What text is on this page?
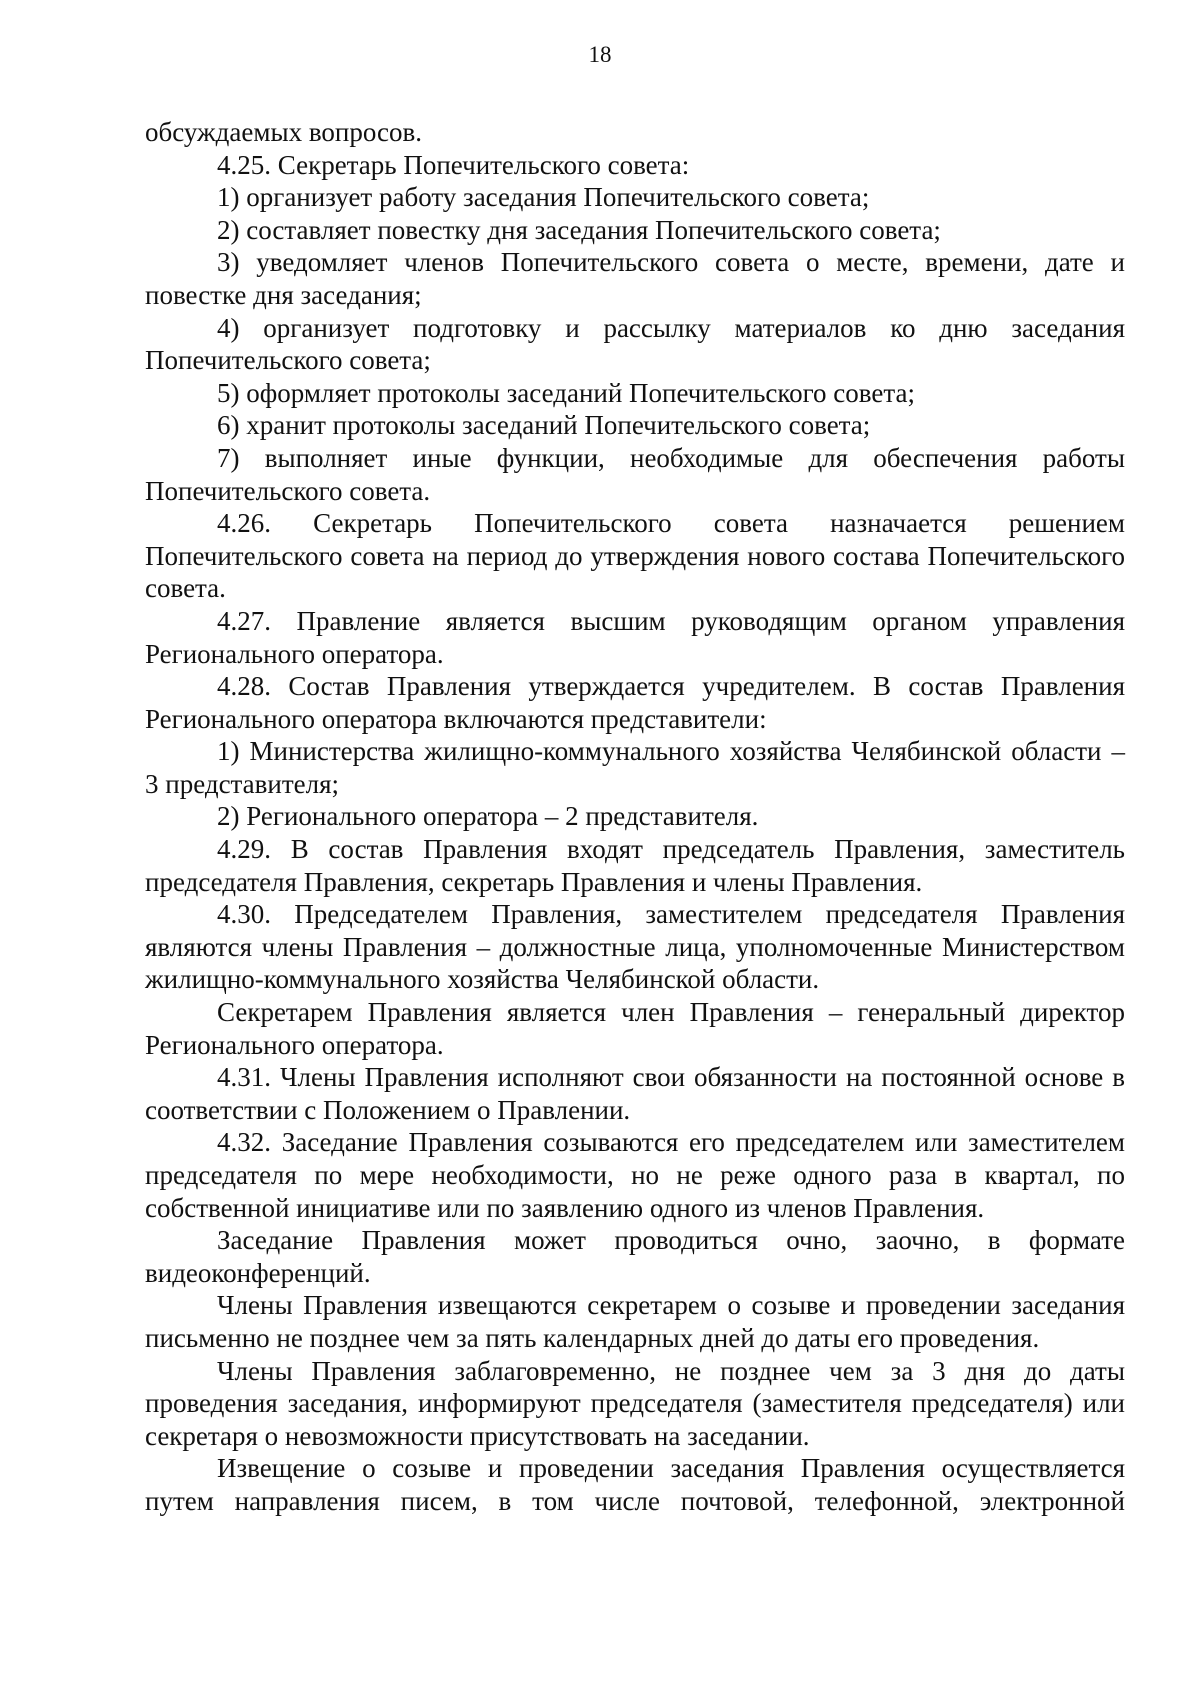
18

обсуждаемых вопросов.

4.25. Секретарь Попечительского совета:

1) организует работу заседания Попечительского совета;

2) составляет повестку дня заседания Попечительского совета;

3) уведомляет членов Попечительского совета о месте, времени, дате и повестке дня заседания;

4) организует подготовку и рассылку материалов ко дню заседания Попечительского совета;

5) оформляет протоколы заседаний Попечительского совета;

6) хранит протоколы заседаний Попечительского совета;

7) выполняет иные функции, необходимые для обеспечения работы Попечительского совета.

4.26. Секретарь Попечительского совета назначается решением Попечительского совета на период до утверждения нового состава Попечительского совета.

4.27. Правление является высшим руководящим органом управления Регионального оператора.

4.28. Состав Правления утверждается учредителем. В состав Правления Регионального оператора включаются представители:

1) Министерства жилищно-коммунального хозяйства Челябинской области – 3 представителя;

2) Регионального оператора – 2 представителя.

4.29. В состав Правления входят председатель Правления, заместитель председателя Правления, секретарь Правления и члены Правления.

4.30. Председателем Правления, заместителем председателя Правления являются члены Правления – должностные лица, уполномоченные Министерством жилищно-коммунального хозяйства Челябинской области.

Секретарем Правления является член Правления – генеральный директор Регионального оператора.

4.31. Члены Правления исполняют свои обязанности на постоянной основе в соответствии с Положением о Правлении.

4.32. Заседание Правления созываются его председателем или заместителем председателя по мере необходимости, но не реже одного раза в квартал, по собственной инициативе или по заявлению одного из членов Правления.

Заседание Правления может проводиться очно, заочно, в формате видеоконференций.

Члены Правления извещаются секретарем о созыве и проведении заседания письменно не позднее чем за пять календарных дней до даты его проведения.

Члены Правления заблаговременно, не позднее чем за 3 дня до даты проведения заседания, информируют председателя (заместителя председателя) или секретаря о невозможности присутствовать на заседании.

Извещение о созыве и проведении заседания Правления осуществляется путем направления писем, в том числе почтовой, телефонной, электронной
